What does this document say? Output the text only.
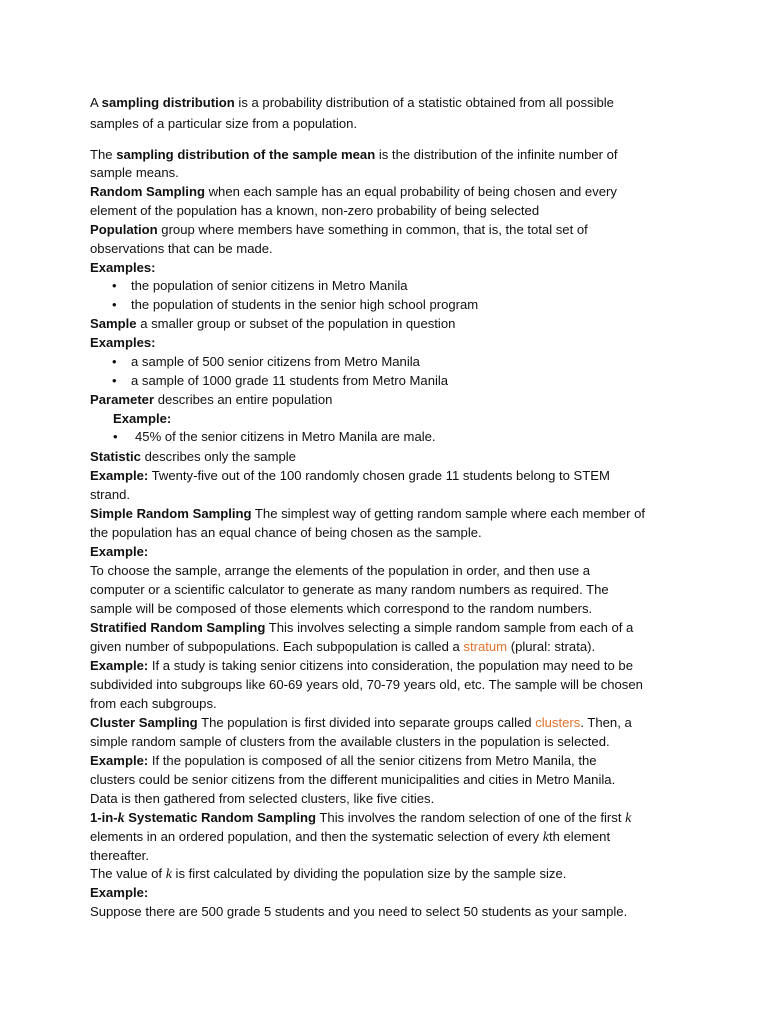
A sampling distribution is a probability distribution of a statistic obtained from all possible
samples of a particular size from a population.
The sampling distribution of the sample mean is the distribution of the infinite number of
sample means.
Random Sampling when each sample has an equal probability of being chosen and every
element of the population has a known, non-zero probability of being selected
Population group where members have something in common, that is, the total set of
observations that can be made.
Examples:
• the population of senior citizens in Metro Manila
• the population of students in the senior high school program
Sample a smaller group or subset of the population in question
Examples:
• a sample of 500 senior citizens from Metro Manila
• a sample of 1000 grade 11 students from Metro Manila
Parameter describes an entire population
Example:
• 45% of the senior citizens in Metro Manila are male.
Statistic describes only the sample
Example: Twenty-five out of the 100 randomly chosen grade 11 students belong to STEM
strand.
Simple Random Sampling The simplest way of getting random sample where each member of
the population has an equal chance of being chosen as the sample.
Example:
To choose the sample, arrange the elements of the population in order, and then use a
computer or a scientific calculator to generate as many random numbers as required. The
sample will be composed of those elements which correspond to the random numbers.
Stratified Random Sampling This involves selecting a simple random sample from each of a
given number of subpopulations. Each subpopulation is called a stratum (plural: strata).
Example: If a study is taking senior citizens into consideration, the population may need to be
subdivided into subgroups like 60-69 years old, 70-79 years old, etc. The sample will be chosen
from each subgroups.
Cluster Sampling The population is first divided into separate groups called clusters. Then, a
simple random sample of clusters from the available clusters in the population is selected.
Example: If the population is composed of all the senior citizens from Metro Manila, the
clusters could be senior citizens from the different municipalities and cities in Metro Manila.
Data is then gathered from selected clusters, like five cities.
1-in-k Systematic Random Sampling This involves the random selection of one of the first k
elements in an ordered population, and then the systematic selection of every kth element
thereafter.
The value of k is first calculated by dividing the population size by the sample size.
Example:
Suppose there are 500 grade 5 students and you need to select 50 students as your sample.
